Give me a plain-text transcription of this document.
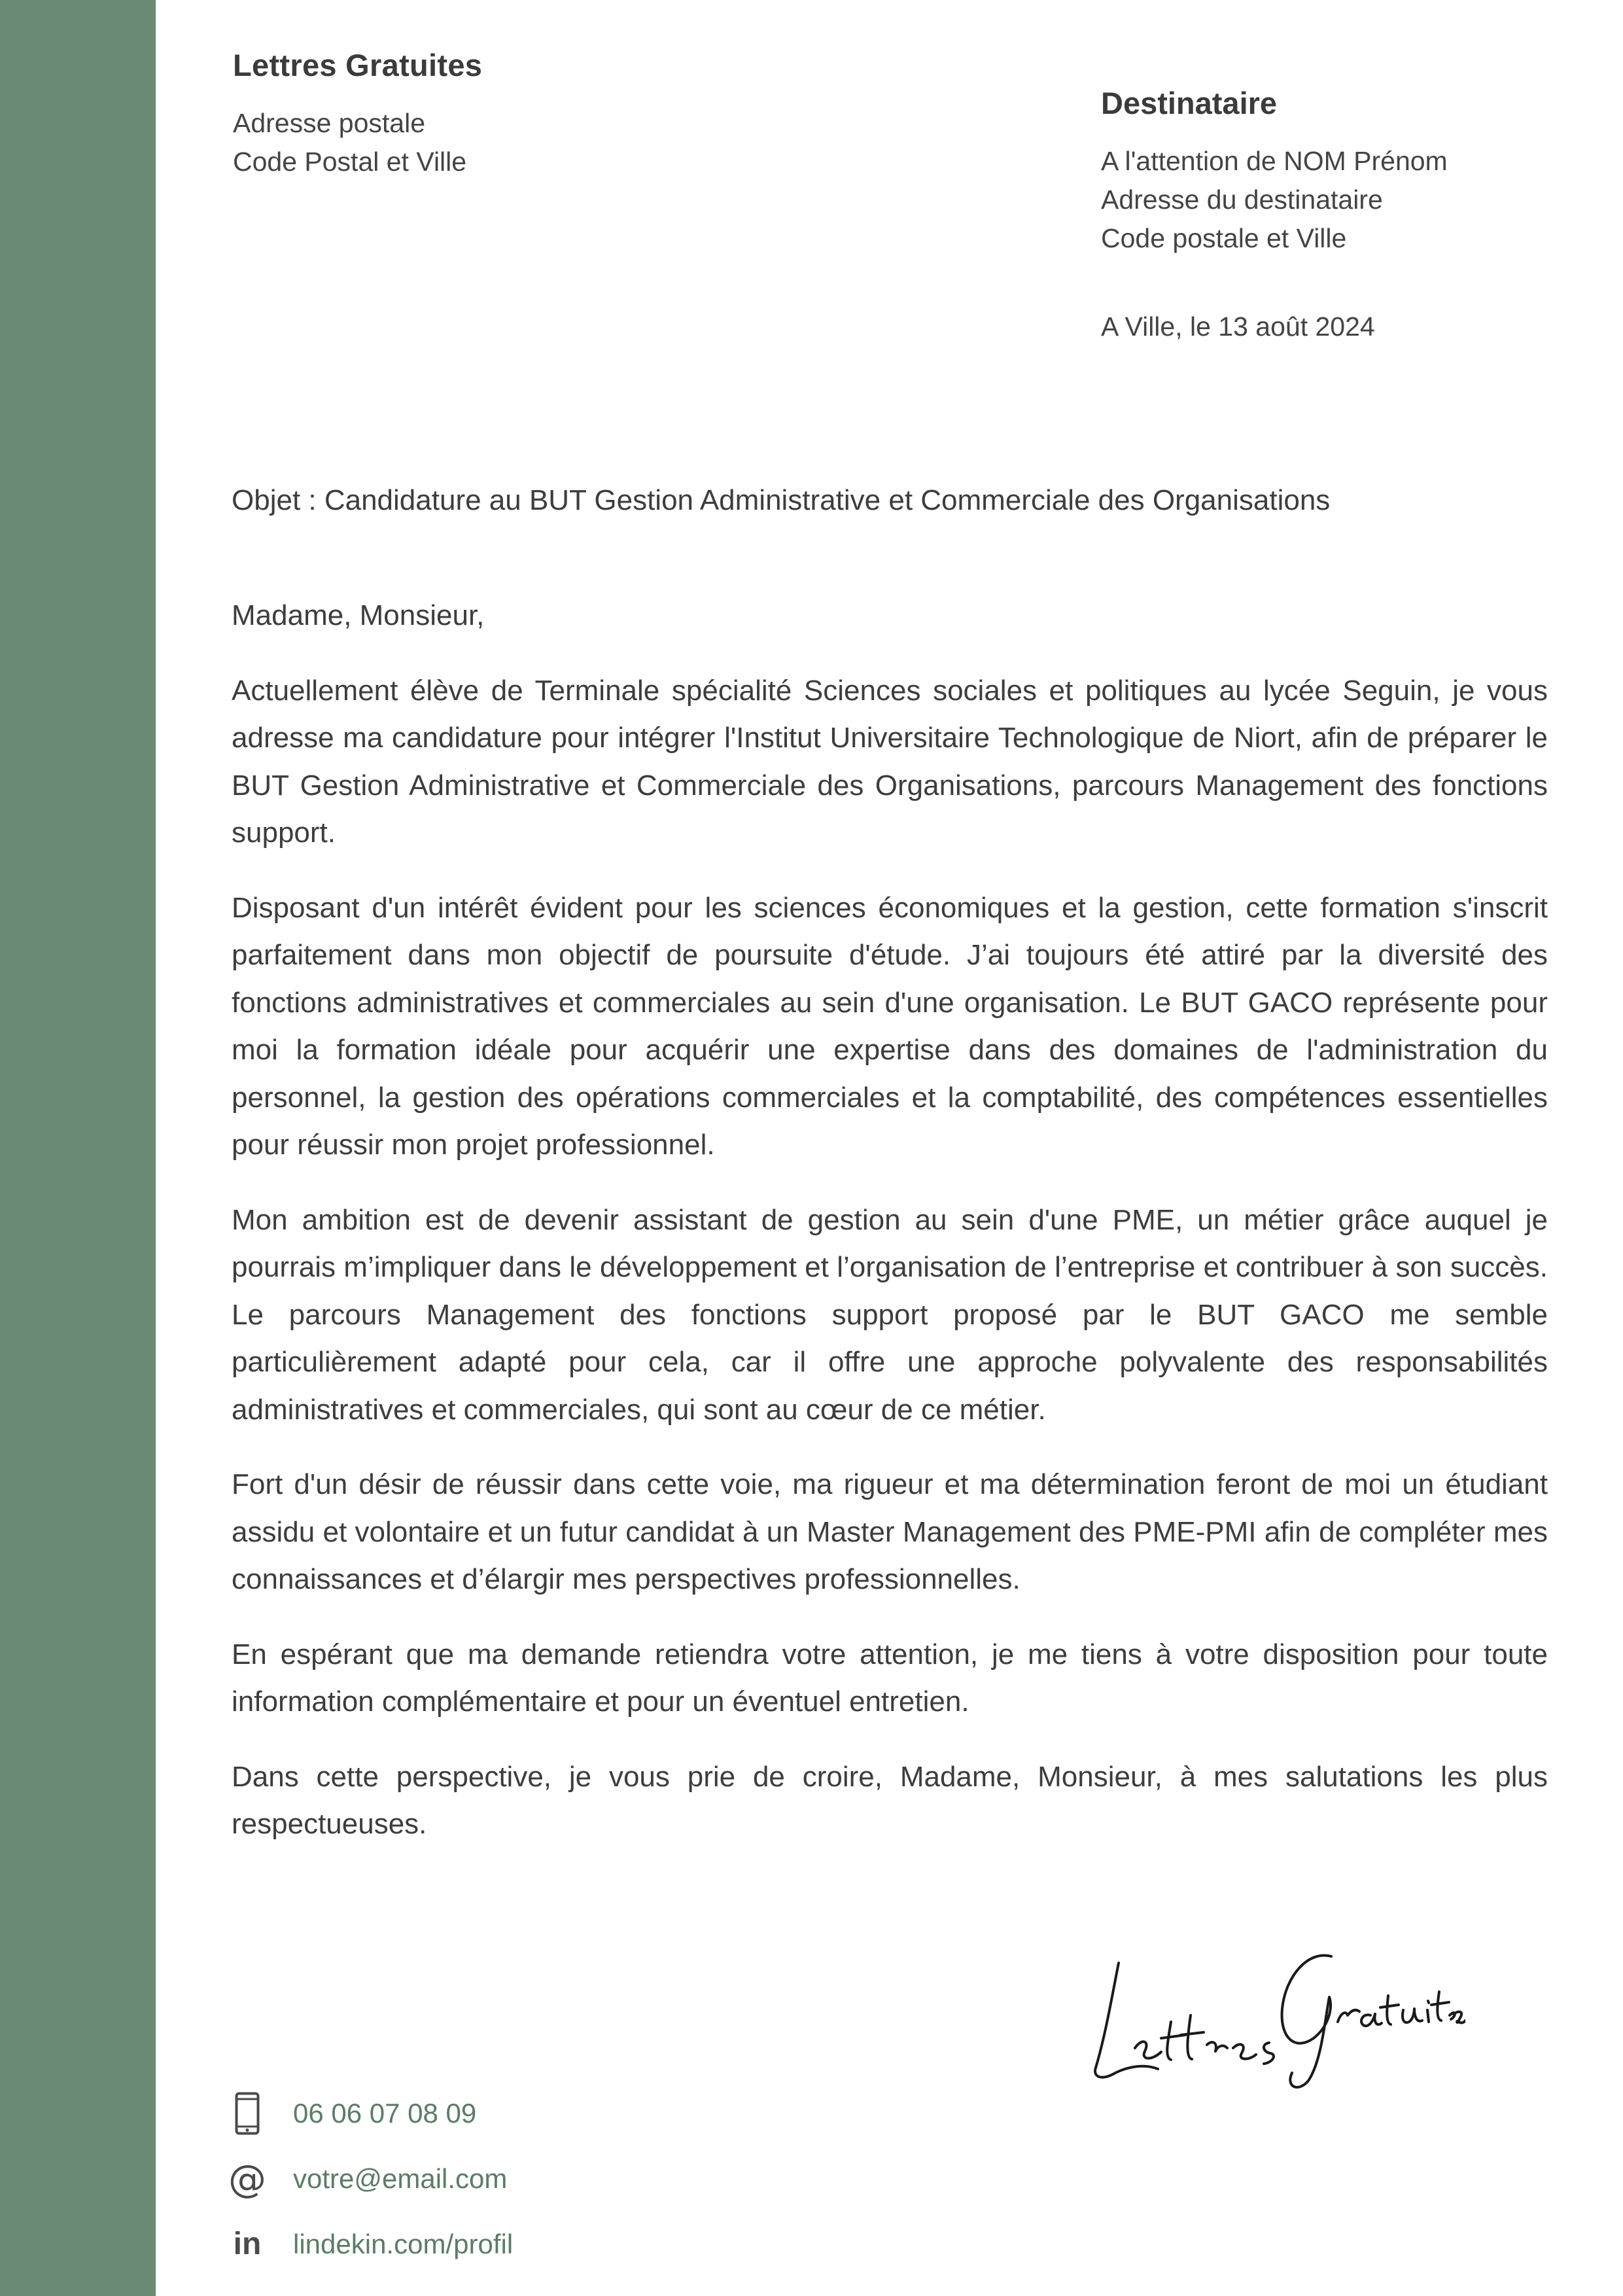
Lettres Gratuites
Adresse postale
Code Postal et Ville
Destinataire
A l'attention de NOM Prénom
Adresse du destinataire
Code postale et Ville
A Ville, le 13 août 2024
Objet : Candidature au BUT Gestion Administrative et Commerciale des Organisations

Madame, Monsieur,

Actuellement élève de Terminale spécialité Sciences sociales et politiques au lycée Seguin, je vous adresse ma candidature pour intégrer l'Institut Universitaire Technologique de Niort, afin de préparer le BUT Gestion Administrative et Commerciale des Organisations, parcours Management des fonctions support.

Disposant d'un intérêt évident pour les sciences économiques et la gestion, cette formation s'inscrit parfaitement dans mon objectif de poursuite d'étude. J’ai toujours été attiré par la diversité des fonctions administratives et commerciales au sein d'une organisation. Le BUT GACO représente pour moi la formation idéale pour acquérir une expertise dans des domaines de l'administration du personnel, la gestion des opérations commerciales et la comptabilité, des compétences essentielles pour réussir mon projet professionnel.

Mon ambition est de devenir assistant de gestion au sein d'une PME, un métier grâce auquel je pourrais m’impliquer dans le développement et l’organisation de l’entreprise et contribuer à son succès. Le parcours Management des fonctions support proposé par le BUT GACO me semble particulièrement adapté pour cela, car il offre une approche polyvalente des responsabilités administratives et commerciales, qui sont au cœur de ce métier.

Fort d'un désir de réussir dans cette voie, ma rigueur et ma détermination feront de moi un étudiant assidu et volontaire et un futur candidat à un Master Management des PME-PMI afin de compléter mes connaissances et d’élargir mes perspectives professionnelles.

En espérant que ma demande retiendra votre attention, je me tiens à votre disposition pour toute information complémentaire et pour un éventuel entretien.

Dans cette perspective, je vous prie de croire, Madame, Monsieur, à mes salutations les plus respectueuses.

06 06 07 08 09
@ votre@email.com
in lindekin.com/profil
